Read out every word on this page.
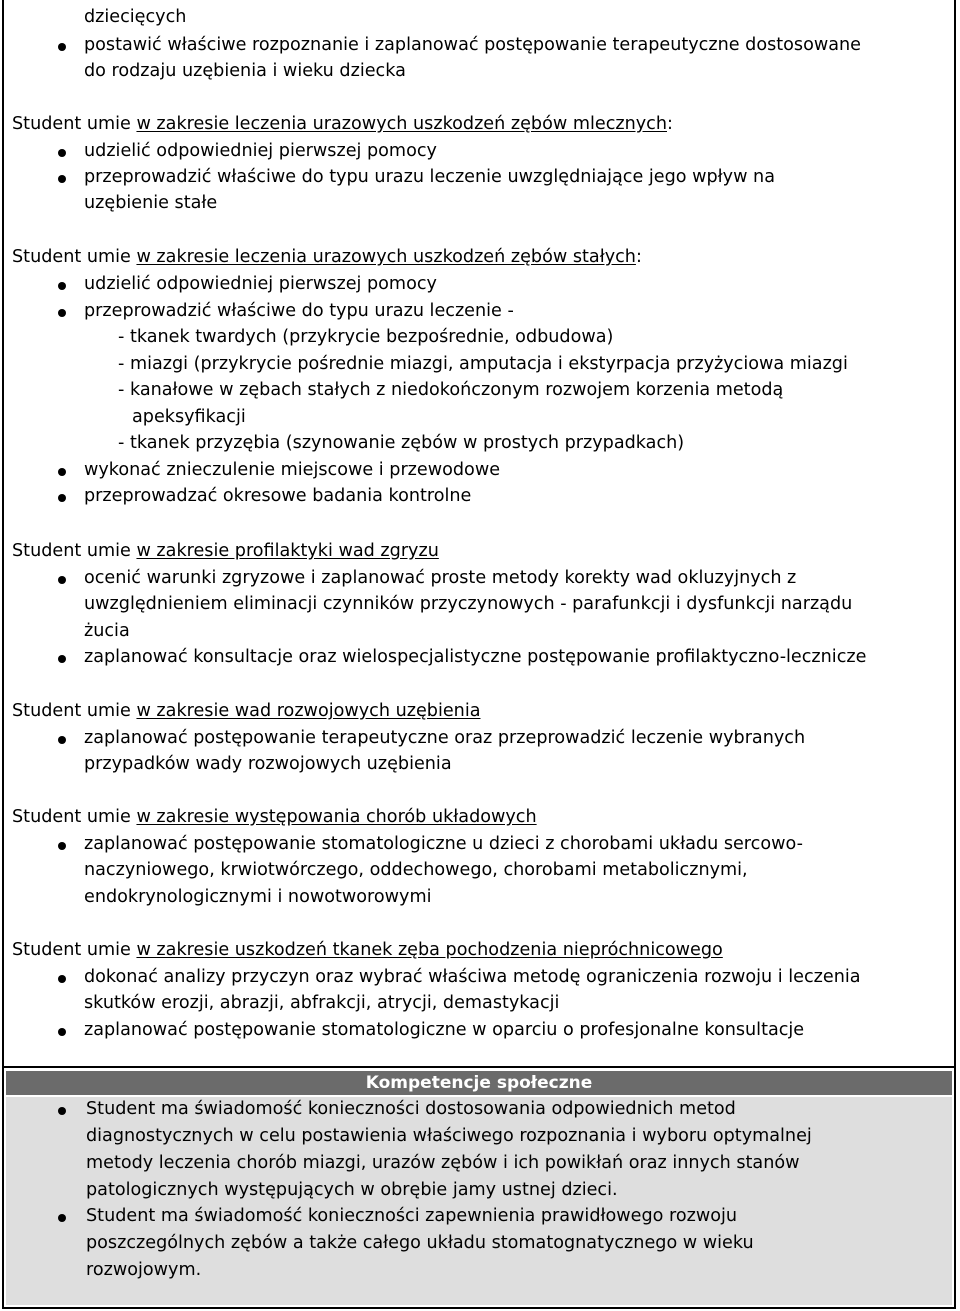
dziecięcych
postawić właściwe rozpoznanie i zaplanować postępowanie terapeutyczne dostosowane
do rodzaju uzębienia i wieku dziecka
Student umie w zakresie leczenia urazowych uszkodzeń zębów mlecznych:
udzielić odpowiedniej pierwszej pomocy
przeprowadzić właściwe do typu urazu leczenie uwzględniające jego wpływ na
uzębienie stałe
Student umie w zakresie leczenia urazowych uszkodzeń zębów stałych:
udzielić odpowiedniej pierwszej pomocy
przeprowadzić właściwe do typu urazu leczenie -
- tkanek twardych (przykrycie bezpośrednie, odbudowa)
- miazgi (przykrycie pośrednie miazgi, amputacja i ekstyrpacja przyżyciowa miazgi
- kanałowe w zębach stałych z niedokończonym rozwojem korzenia metodą
apeksyfikacji
- tkanek przyzębia (szynowanie zębów w prostych przypadkach)
wykonać znieczulenie miejscowe i przewodowe
przeprowadzać okresowe badania kontrolne
Student umie w zakresie profilaktyki wad zgryzu
ocenić warunki zgryzowe i zaplanować proste metody korekty wad okluzyjnych z
uwzględnieniem eliminacji czynników przyczynowych - parafunkcji i dysfunkcji narządu
żucia
zaplanować konsultacje oraz wielospecjalistyczne postępowanie profilaktyczno-lecznicze
Student umie w zakresie wad rozwojowych uzębienia
zaplanować postępowanie terapeutyczne oraz przeprowadzić leczenie wybranych
przypadków wady rozwojowych uzębienia
Student umie w zakresie występowania chorób układowych
zaplanować postępowanie stomatologiczne u dzieci z chorobami układu sercowo-
naczyniowego, krwiotwórczego, oddechowego, chorobami metabolicznymi,
endokrynologicznymi i nowotworowymi
Student umie w zakresie uszkodzeń tkanek zęba pochodzenia niepróchnicowego
dokonać analizy przyczyn oraz wybrać właściwa metodę ograniczenia rozwoju i leczenia
skutków erozji, abrazji, abfrakcji, atrycji, demastykacji
zaplanować postępowanie stomatologiczne w oparciu o profesjonalne konsultacje
Kompetencje społeczne
Student ma świadomość konieczności dostosowania odpowiednich metod
diagnostycznych w celu postawienia właściwego rozpoznania i wyboru optymalnej
metody leczenia chorób miazgi, urazów zębów i ich powikłań oraz innych stanów
patologicznych występujących w obrębie jamy ustnej dzieci.
Student ma świadomość konieczności zapewnienia prawidłowego rozwoju
poszczególnych zębów a także całego układu stomatognatycznego w wieku
rozwojowym.
